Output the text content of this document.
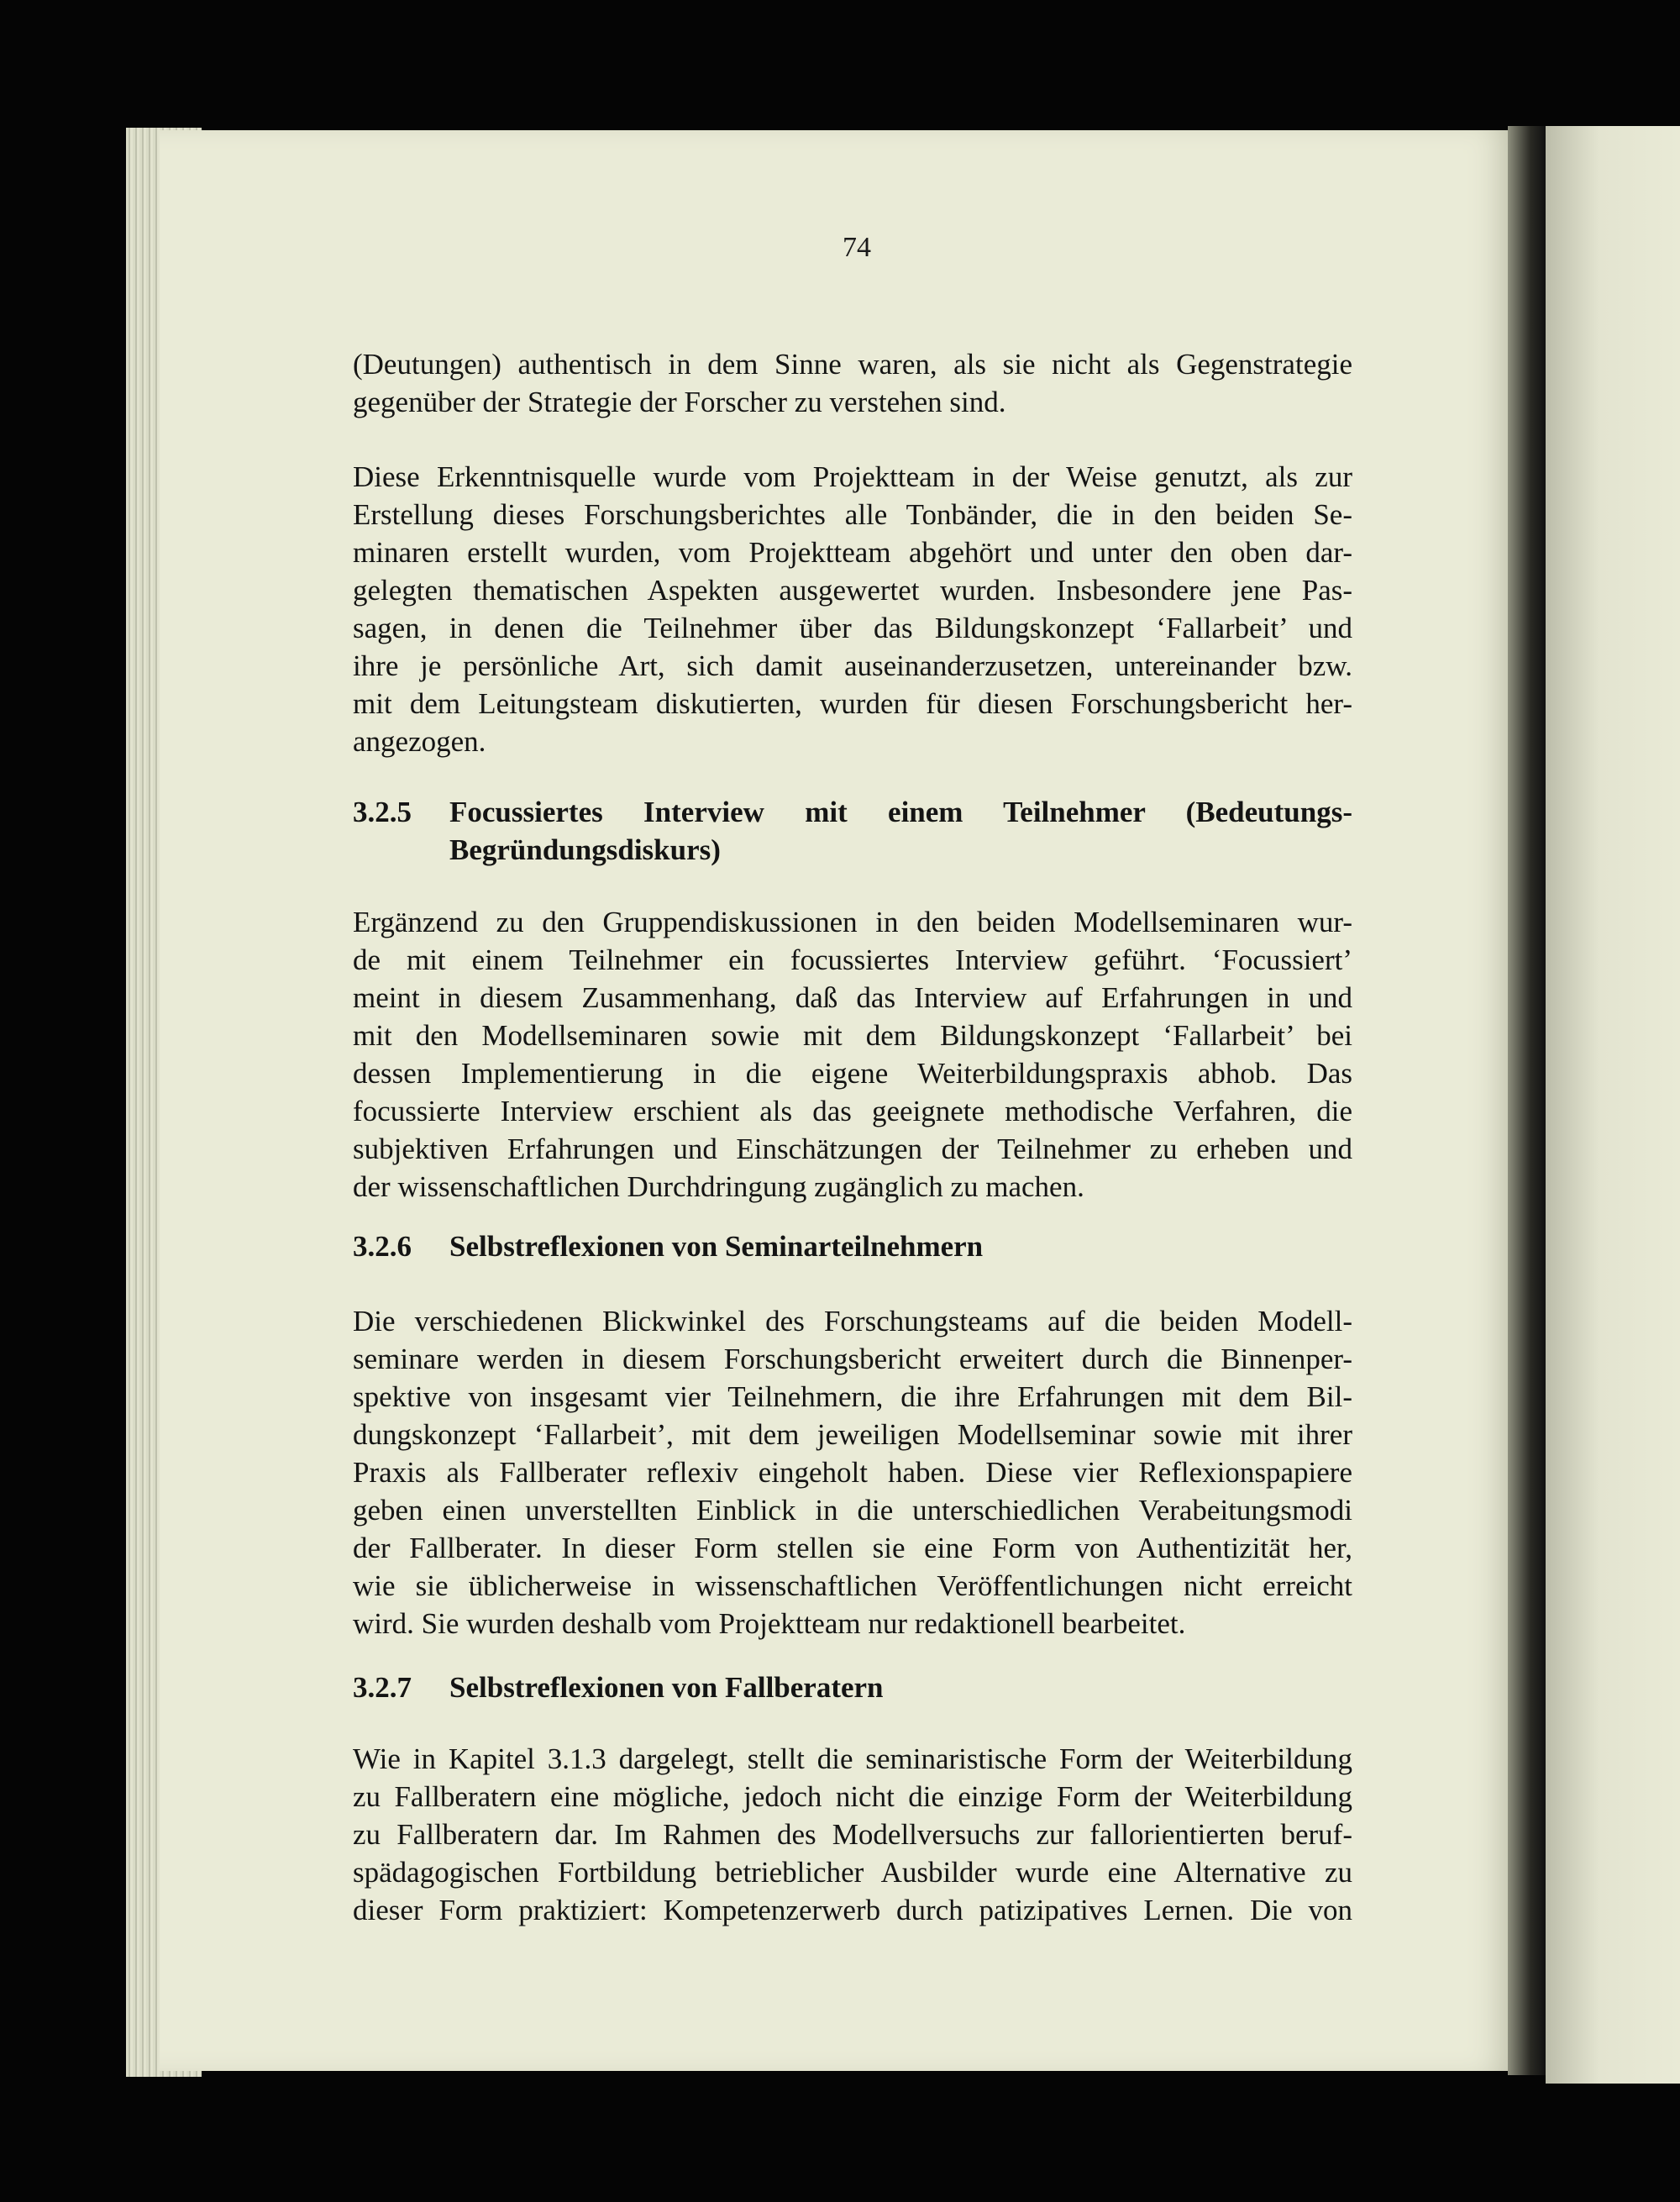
74
(Deutungen) authentisch in dem Sinne waren, als sie nicht als Gegenstrategie
gegenüber der Strategie der Forscher zu verstehen sind.
Diese Erkenntnisquelle wurde vom Projektteam in der Weise genutzt, als zur
Erstellung dieses Forschungsberichtes alle Tonbänder, die in den beiden Se-
minaren erstellt wurden, vom Projektteam abgehört und unter den oben dar-
gelegten thematischen Aspekten ausgewertet wurden. Insbesondere jene Pas-
sagen, in denen die Teilnehmer über das Bildungskonzept ‘Fallarbeit’ und
ihre je persönliche Art, sich damit auseinanderzusetzen, untereinander bzw.
mit dem Leitungsteam diskutierten, wurden für diesen Forschungsbericht her-
angezogen.
3.2.5 Focussiertes Interview mit einem Teilnehmer (Bedeutungs-
Begründungsdiskurs)
Ergänzend zu den Gruppendiskussionen in den beiden Modellseminaren wur-
de mit einem Teilnehmer ein focussiertes Interview geführt. ‘Focussiert’
meint in diesem Zusammenhang, daß das Interview auf Erfahrungen in und
mit den Modellseminaren sowie mit dem Bildungskonzept ‘Fallarbeit’ bei
dessen Implementierung in die eigene Weiterbildungspraxis abhob. Das
focussierte Interview erschient als das geeignete methodische Verfahren, die
subjektiven Erfahrungen und Einschätzungen der Teilnehmer zu erheben und
der wissenschaftlichen Durchdringung zugänglich zu machen.
3.2.6 Selbstreflexionen von Seminarteilnehmern
Die verschiedenen Blickwinkel des Forschungsteams auf die beiden Modell-
seminare werden in diesem Forschungsbericht erweitert durch die Binnenper-
spektive von insgesamt vier Teilnehmern, die ihre Erfahrungen mit dem Bil-
dungskonzept ‘Fallarbeit’, mit dem jeweiligen Modellseminar sowie mit ihrer
Praxis als Fallberater reflexiv eingeholt haben. Diese vier Reflexionspapiere
geben einen unverstellten Einblick in die unterschiedlichen Verabeitungsmodi
der Fallberater. In dieser Form stellen sie eine Form von Authentizität her,
wie sie üblicherweise in wissenschaftlichen Veröffentlichungen nicht erreicht
wird. Sie wurden deshalb vom Projektteam nur redaktionell bearbeitet.
3.2.7 Selbstreflexionen von Fallberatern
Wie in Kapitel 3.1.3 dargelegt, stellt die seminaristische Form der Weiterbildung
zu Fallberatern eine mögliche, jedoch nicht die einzige Form der Weiterbildung
zu Fallberatern dar. Im Rahmen des Modellversuchs zur fallorientierten beruf-
spädagogischen Fortbildung betrieblicher Ausbilder wurde eine Alternative zu
dieser Form praktiziert: Kompetenzerwerb durch patizipatives Lernen. Die von
